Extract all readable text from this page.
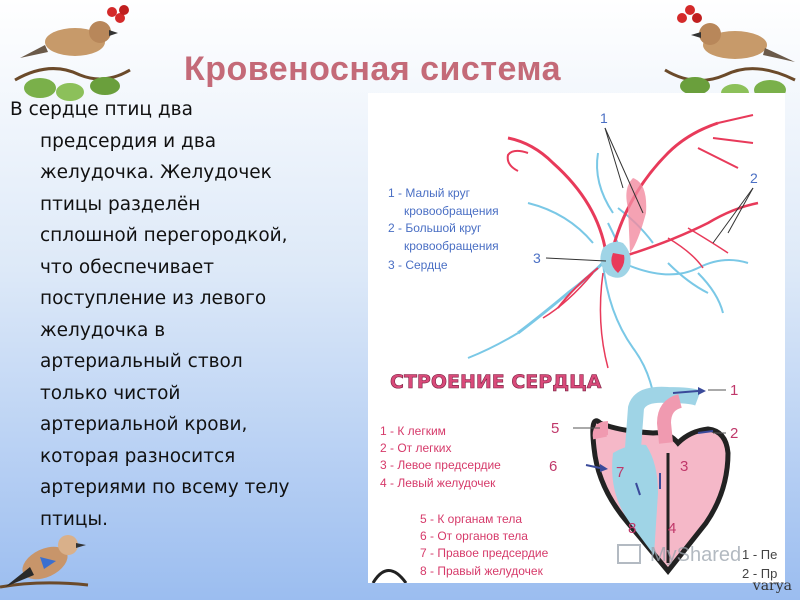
Кровеносная система
В сердце птиц два
предсердия и два
желудочка. Желудочек
птицы разделён
сплошной перегородкой,
что обеспечивает
поступление из левого
желудочка в
артериальный ствол
только чистой
артериальной крови,
которая разносится
артериями по всему телу
птицы.
1
2
3
1 - Малый круг
кровообращения
2 - Большой круг
кровообращения
3 - Сердце
СТРОЕНИЕ СЕРДЦА	1
2
3
4
5
6	7
8
1 - К легким
2 - От легких
3 - Левое предсердие
4 - Левый желудочек
5 - К органам тела
6 - От органов тела
7 - Правое предсердие
8 - Правый желудочек
MyShared 1 - Пе
2 - Пр
varya
